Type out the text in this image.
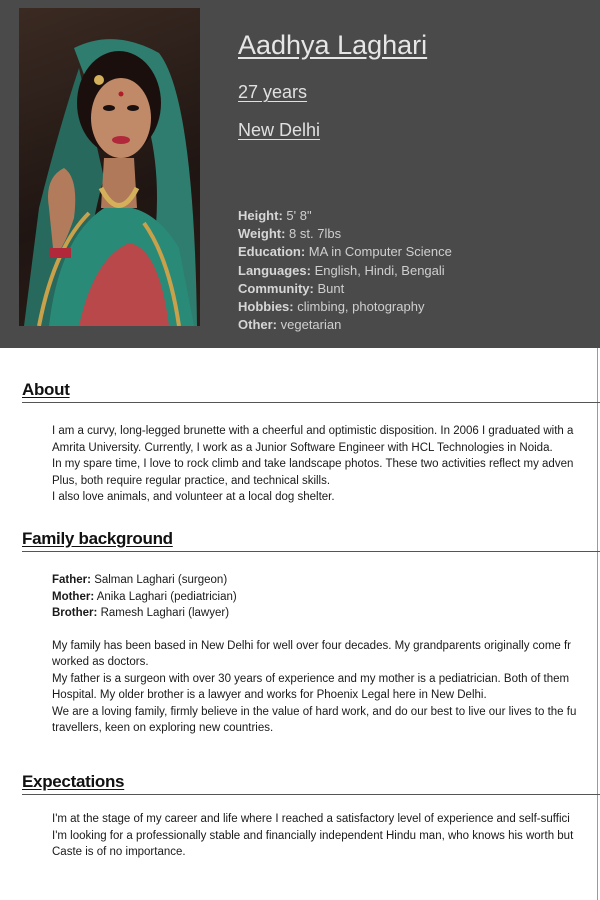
Aadhya Laghari
27 years
New Delhi
Height: 5' 8"
Weight: 8 st. 7lbs
Education: MA in Computer Science
Languages: English, Hindi, Bengali
Community: Bunt
Hobbies: climbing, photography
Other: vegetarian
About

I am a curvy, long-legged brunette with a cheerful and optimistic disposition. In 2006 I graduated with a

Amrita University. Currently, I work as a Junior Software Engineer with HCL Technologies in Noida.

In my spare time, I love to rock climb and take landscape photos. These two activities reflect my adven

Plus, both require regular practice, and technical skills.

I also love animals, and volunteer at a local dog shelter.

Family background

Father: Salman Laghari (surgeon)

Mother: Anika Laghari (pediatrician)

Brother: Ramesh Laghari (lawyer)

My family has been based in New Delhi for well over four decades. My grandparents originally come fr

worked as doctors.

My father is a surgeon with over 30 years of experience and my mother is a pediatrician. Both of them

Hospital. My older brother is a lawyer and works for Phoenix Legal here in New Delhi.

We are a loving family, firmly believe in the value of hard work, and do our best to live our lives to the fu

travellers, keen on exploring new countries.

Expectations

I'm at the stage of my career and life where I reached a satisfactory level of experience and self-suffici

I'm looking for a professionally stable and financially independent Hindu man, who knows his worth but

Caste is of no importance.
